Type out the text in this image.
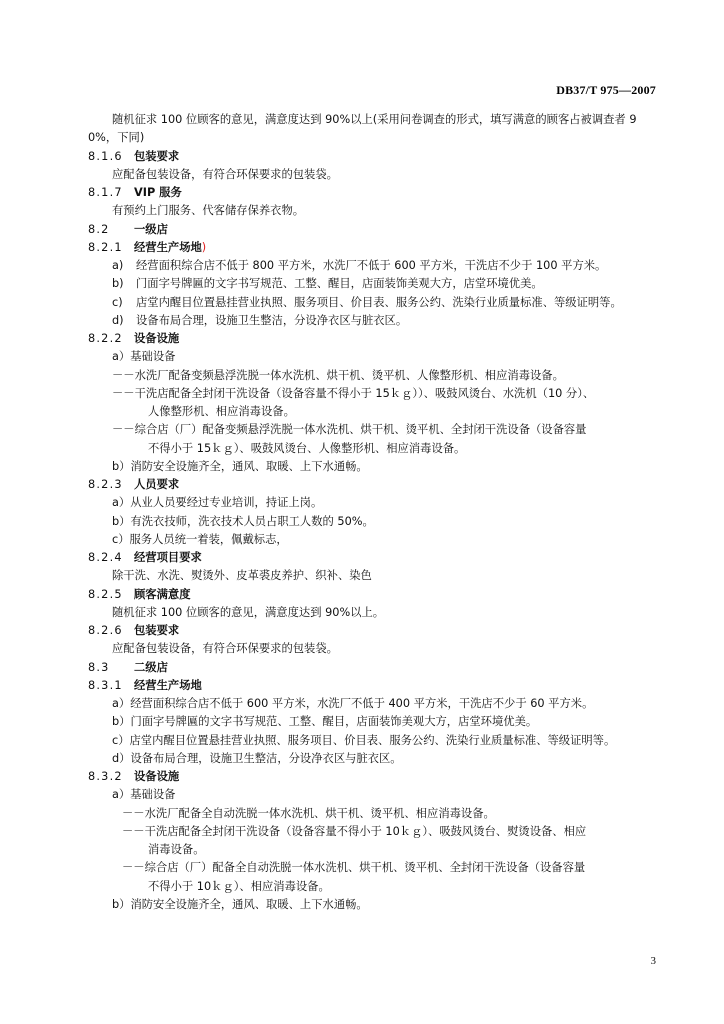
DB37/T 975—2007
随机征求 100 位顾客的意见，满意度达到 90%以上(采用问卷调查的形式，填写满意的顾客占被调查者 90%，下同)
8.1.6 包装要求
应配备包装设备，有符合环保要求的包装袋。
8.1.7 VIP 服务
有预约上门服务、代客储存保养衣物。
8.2 一级店
8.2.1 经营生产场地)
a) 经营面积综合店不低于 800 平方米，水洗厂不低于 600 平方米，干洗店不少于 100 平方米。
b) 门面字号牌匾的文字书写规范、工整、醒目，店面装饰美观大方，店堂环境优美。
c) 店堂内醒目位置悬挂营业执照、服务项目、价目表、服务公约、洗染行业质量标准、等级证明等。
d) 设备布局合理，设施卫生整洁，分设净衣区与脏衣区。
8.2.2 设备设施
a）基础设备
－－水洗厂配备变频悬浮洗脱一体水洗机、烘干机、烫平机、人像整形机、相应消毒设备。
－－干洗店配备全封闭干洗设备（设备容量不得小于 15ｋｇ））、吸鼓风烫台、水洗机（10 分）、
人像整形机、相应消毒设备。
－－综合店（厂）配备变频悬浮洗脱一体水洗机、烘干机、烫平机、全封闭干洗设备（设备容量
不得小于 15ｋｇ）、吸鼓风烫台、人像整形机、相应消毒设备。
b）消防安全设施齐全，通风、取暖、上下水通畅。
8.2.3 人员要求
a）从业人员要经过专业培训，持证上岗。
b）有洗衣技师，洗衣技术人员占职工人数的 50%。
c）服务人员统一着装，佩戴标志，
8.2.4 经营项目要求
除干洗、水洗、熨烫外、皮革裘皮养护、织补、染色
8.2.5 顾客满意度
随机征求 100 位顾客的意见，满意度达到 90%以上。
8.2.6 包装要求
应配备包装设备，有符合环保要求的包装袋。
8.3 二级店
8.3.1 经营生产场地
a）经营面积综合店不低于 600 平方米，水洗厂不低于 400 平方米，干洗店不少于 60 平方米。
b）门面字号牌匾的文字书写规范、工整、醒目，店面装饰美观大方，店堂环境优美。
c）店堂内醒目位置悬挂营业执照、服务项目、价目表、服务公约、洗染行业质量标准、等级证明等。
d）设备布局合理，设施卫生整洁，分设净衣区与脏衣区。
8.3.2 设备设施
a）基础设备
－－水洗厂配备全自动洗脱一体水洗机、烘干机、烫平机、相应消毒设备。
－－干洗店配备全封闭干洗设备（设备容量不得小于 10ｋｇ）、吸鼓风烫台、熨烫设备、相应
消毒设备。
－－综合店（厂）配备全自动洗脱一体水洗机、烘干机、烫平机、全封闭干洗设备（设备容量
不得小于 10ｋｇ）、相应消毒设备。
b）消防安全设施齐全，通风、取暖、上下水通畅。
3
